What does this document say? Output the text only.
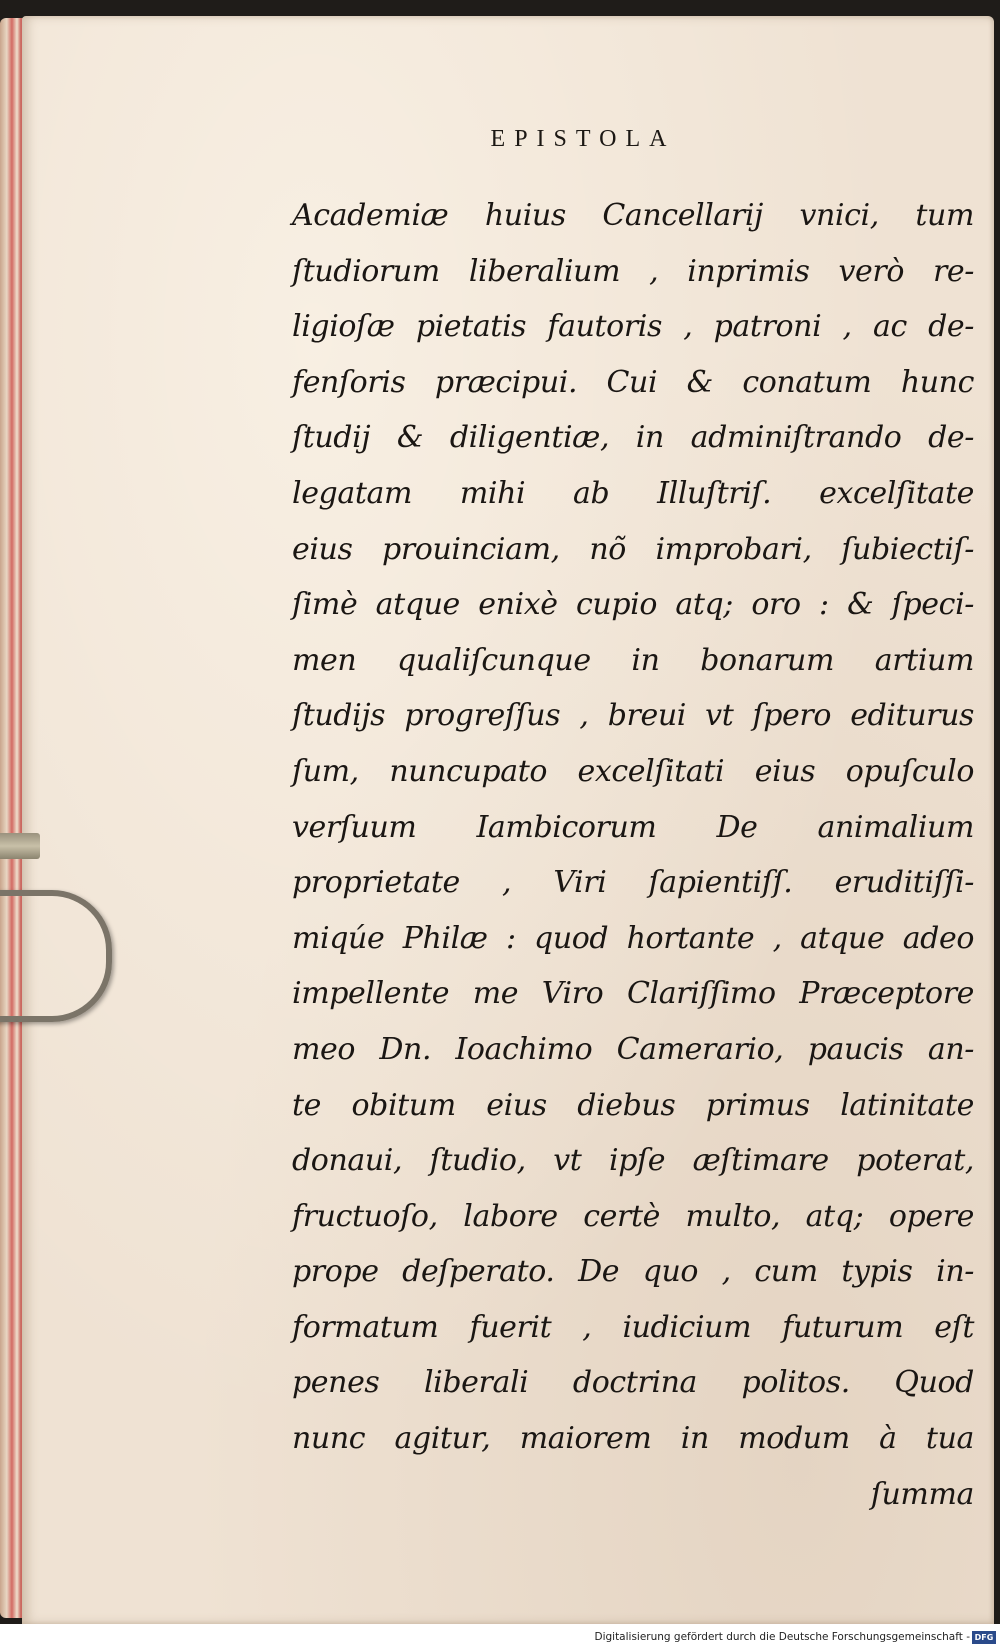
EPISTOLA
Academiæ huius Cancellarij vnici, tum
ſtudiorum liberalium , inprimis verò re-
ligioſæ pietatis fautoris , patroni , ac de-
fenſoris præcipui. Cui & conatum hunc
ſtudij & diligentiæ, in adminiſtrando de-
legatam mihi ab Illuſtriſ. excelſitate
eius prouinciam, nõ improbari, ſubiectiſ-
ſimè atque enixè cupio atq; oro : & ſpeci-
men qualiſcunque in bonarum artium
ſtudijs progreſſus , breui vt ſpero editurus
ſum, nuncupato excelſitati eius opuſculo
verſuum Iambicorum De animalium
proprietate , Viri ſapientiſſ. eruditiſſi-
miqúe Philæ : quod hortante , atque adeo
impellente me Viro Clariſſimo Præceptore
meo Dn. Ioachimo Camerario, paucis an-
te obitum eius diebus primus latinitate
donaui, ſtudio, vt ipſe æſtimare poterat,
fructuoſo, labore certè multo, atq; opere
prope deſperato. De quo , cum typis in-
formatum fuerit , iudicium futurum eſt
penes liberali doctrina politos. Quod
nunc agitur, maiorem in modum à tua
ſumma
Digitalisierung gefördert durch die Deutsche Forschungsgemeinschaft - DFG
